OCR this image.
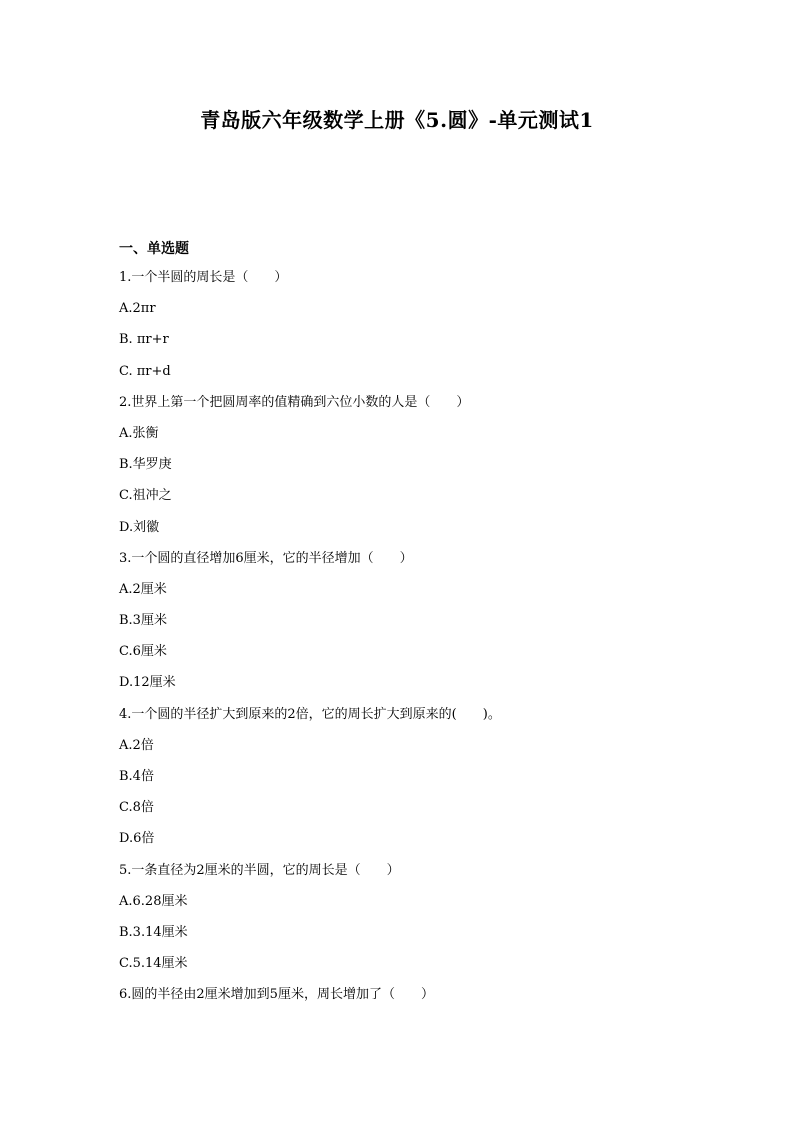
青岛版六年级数学上册《5.圆》-单元测试1
一、单选题
1.一个半圆的周长是（　　）
A.2πr
B. πr+r
C. πr+d
2.世界上第一个把圆周率的值精确到六位小数的人是（　　）
A.张衡
B.华罗庚
C.祖冲之
D.刘徽
3.一个圆的直径增加6厘米，它的半径增加（　　）
A.2厘米
B.3厘米
C.6厘米
D.12厘米
4.一个圆的半径扩大到原来的2倍，它的周长扩大到原来的(　　)。
A.2倍
B.4倍
C.8倍
D.6倍
5.一条直径为2厘米的半圆，它的周长是（　　）
A.6.28厘米
B.3.14厘米
C.5.14厘米
6.圆的半径由2厘米增加到5厘米，周长增加了（　　）
